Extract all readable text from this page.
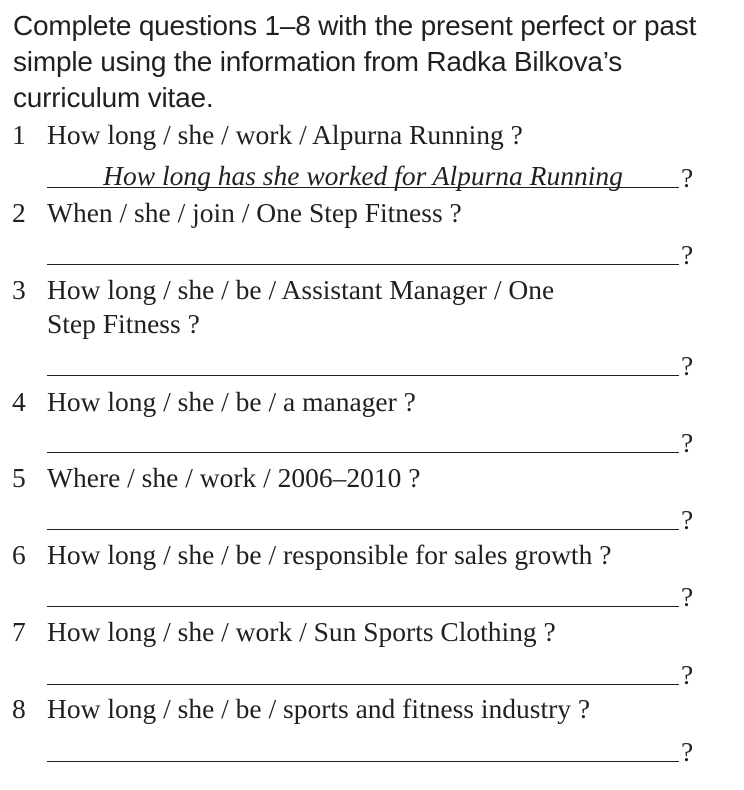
Complete questions 1–8 with the present perfect or past simple using the information from Radka Bilkova’s curriculum vitae.
1 How long / she / work / Alpurna Running ?
How long has she worked for Alpurna Running	?
2 When / she / join / One Step Fitness ?
?
3 How long / she / be / Assistant Manager / One
Step Fitness ?
?
4 How long / she / be / a manager ?
?
5 Where / she / work / 2006–2010 ?
?
6 How long / she / be / responsible for sales growth ?
?
7 How long / she / work / Sun Sports Clothing ?
?
8 How long / she / be / sports and fitness industry ?
?
